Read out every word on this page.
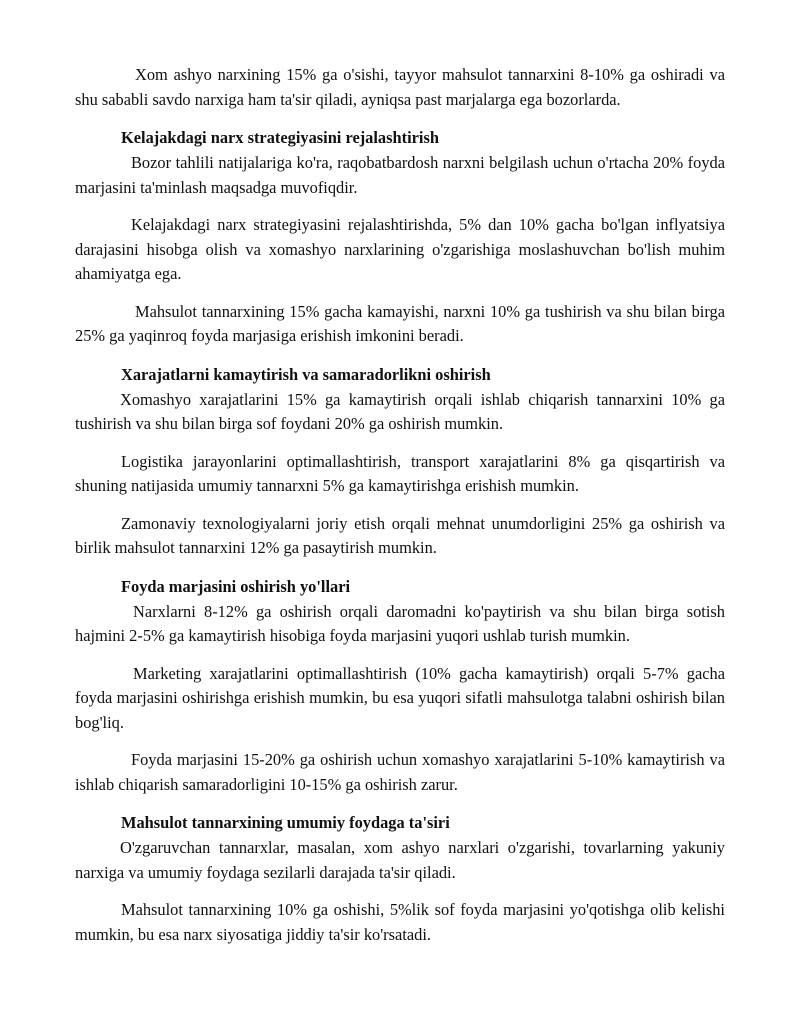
Xom ashyo narxining 15% ga o'sishi, tayyor mahsulot tannarxini 8-10% ga oshiradi va shu sababli savdo narxiga ham ta'sir qiladi, ayniqsa past marjalarga ega bozorlarda.

Kelajakdagi narx strategiyasini rejalashtirish

Bozor tahlili natijalariga ko'ra, raqobatbardosh narxni belgilash uchun o'rtacha 20% foyda marjasini ta'minlash maqsadga muvofiqdir.

Kelajakdagi narx strategiyasini rejalashtirishda, 5% dan 10% gacha bo'lgan inflyatsiya darajasini hisobga olish va xomashyo narxlarining o'zgarishiga moslashuvchan bo'lish muhim ahamiyatga ega.

Mahsulot tannarxining 15% gacha kamayishi, narxni 10% ga tushirish va shu bilan birga 25% ga yaqinroq foyda marjasiga erishish imkonini beradi.

Xarajatlarni kamaytirish va samaradorlikni oshirish

Xomashyo xarajatlarini 15% ga kamaytirish orqali ishlab chiqarish tannarxini 10% ga tushirish va shu bilan birga sof foydani 20% ga oshirish mumkin.

Logistika jarayonlarini optimallashtirish, transport xarajatlarini 8% ga qisqartirish va shuning natijasida umumiy tannarxni 5% ga kamaytirishga erishish mumkin.

Zamonaviy texnologiyalarni joriy etish orqali mehnat unumdorligini 25% ga oshirish va birlik mahsulot tannarxini 12% ga pasaytirish mumkin.

Foyda marjasini oshirish yo'llari

Narxlarni 8-12% ga oshirish orqali daromadni ko'paytirish va shu bilan birga sotish hajmini 2-5% ga kamaytirish hisobiga foyda marjasini yuqori ushlab turish mumkin.

Marketing xarajatlarini optimallashtirish (10% gacha kamaytirish) orqali 5-7% gacha foyda marjasini oshirishga erishish mumkin, bu esa yuqori sifatli mahsulotga talabni oshirish bilan bog'liq.

Foyda marjasini 15-20% ga oshirish uchun xomashyo xarajatlarini 5-10% kamaytirish va ishlab chiqarish samaradorligini 10-15% ga oshirish zarur.

Mahsulot tannarxining umumiy foydaga ta'siri

O'zgaruvchan tannarxlar, masalan, xom ashyo narxlari o'zgarishi, tovarlarning yakuniy narxiga va umumiy foydaga sezilarli darajada ta'sir qiladi.

Mahsulot tannarxining 10% ga oshishi, 5%lik sof foyda marjasini yo'qotishga olib kelishi mumkin, bu esa narx siyosatiga jiddiy ta'sir ko'rsatadi.
